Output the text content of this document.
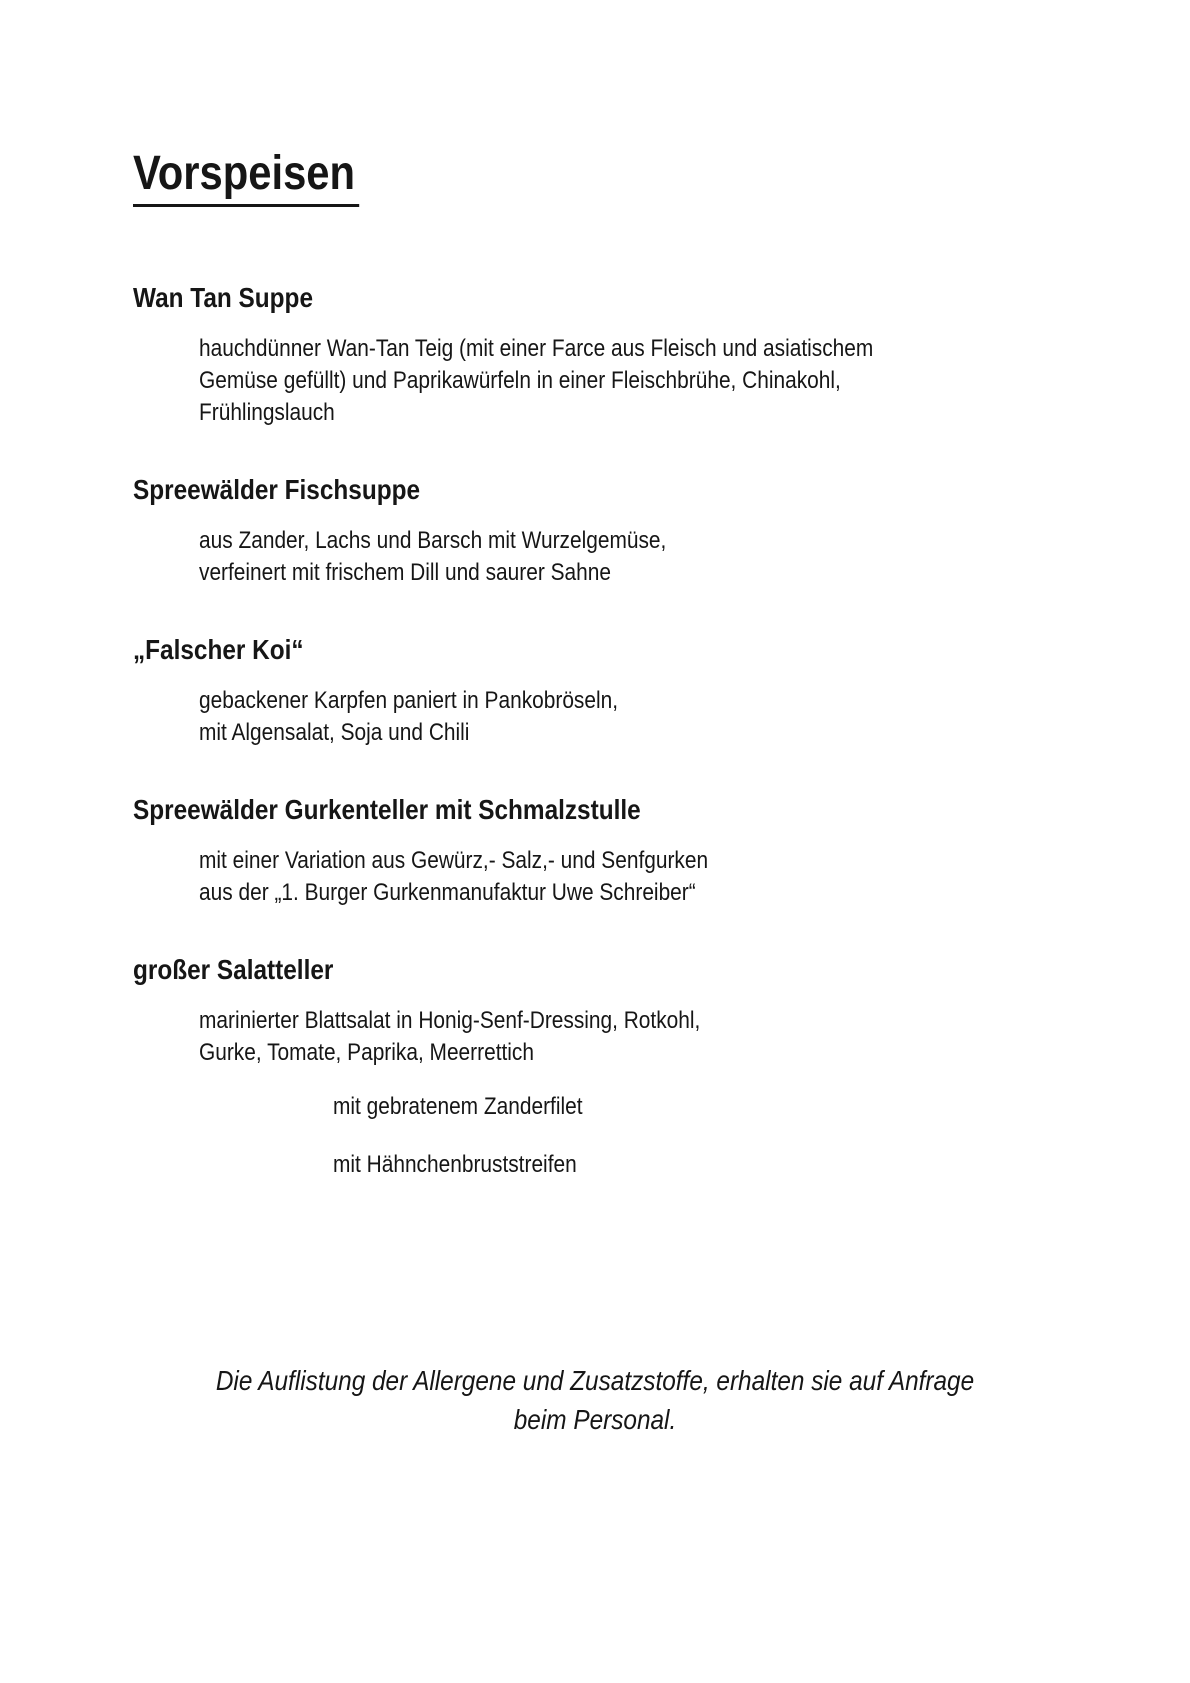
Vorspeisen
Wan Tan Suppe
hauchdünner Wan-Tan Teig (mit einer Farce aus Fleisch und asiatischem
Gemüse gefüllt) und Paprikawürfeln in einer Fleischbrühe, Chinakohl,
Frühlingslauch
Spreewälder Fischsuppe
aus Zander, Lachs und Barsch mit Wurzelgemüse,
verfeinert mit frischem Dill und saurer Sahne
„Falscher Koi“
gebackener Karpfen paniert in Pankobröseln,
mit Algensalat, Soja und Chili
Spreewälder Gurkenteller mit Schmalzstulle
mit einer Variation aus Gewürz,- Salz,- und Senfgurken
aus der „1. Burger Gurkenmanufaktur Uwe Schreiber“
großer Salatteller
marinierter Blattsalat in Honig-Senf-Dressing, Rotkohl,
Gurke, Tomate, Paprika, Meerrettich
mit gebratenem Zanderfilet
mit Hähnchenbruststreifen
Die Auflistung der Allergene und Zusatzstoffe, erhalten sie auf Anfrage
beim Personal.
